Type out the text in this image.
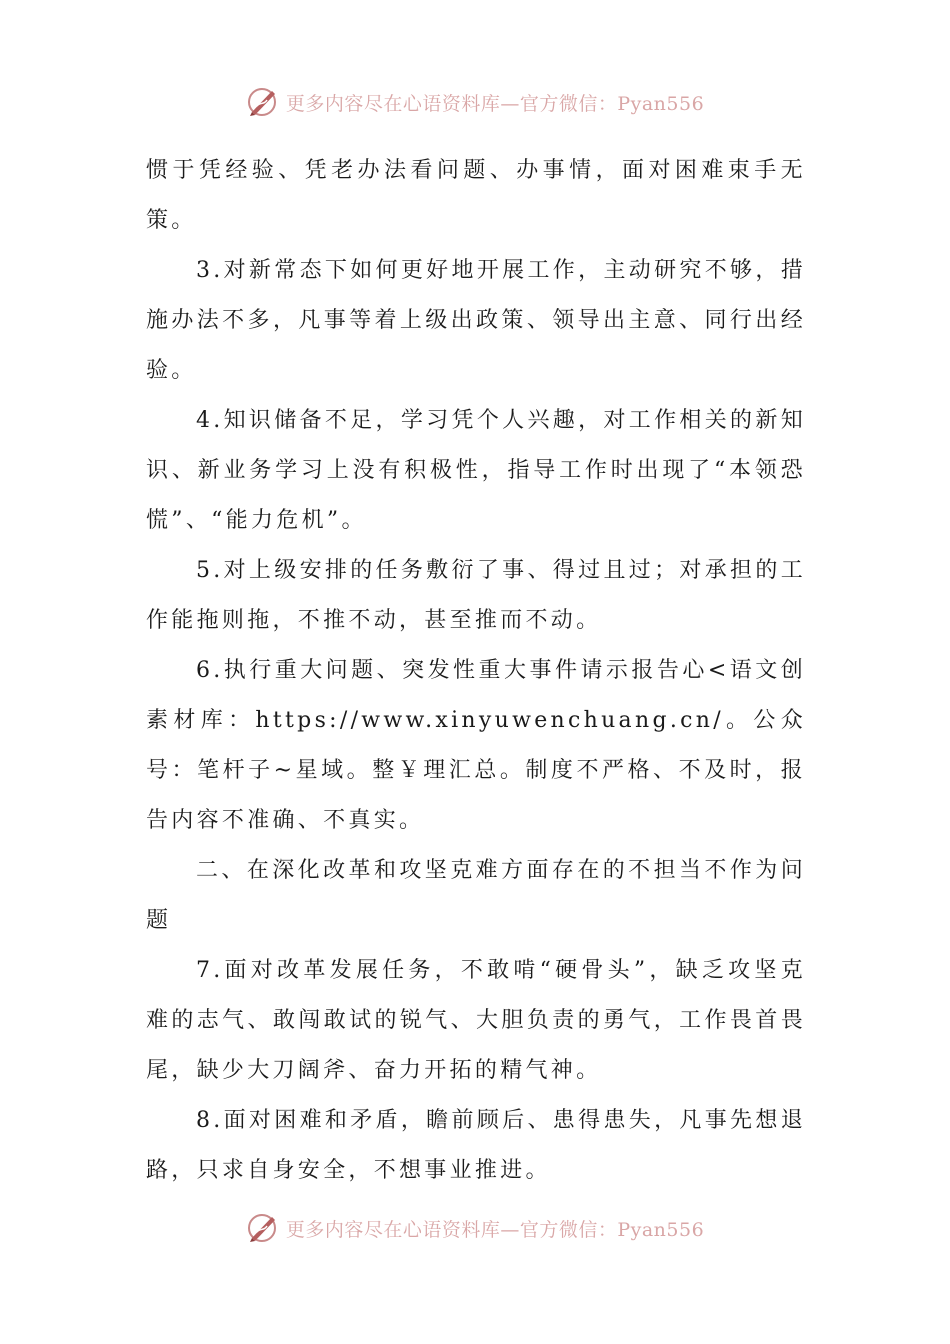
更多内容尽在心语资料库—官方微信：Pyan556

惯于凭经验、凭老办法看问题、办事情，面对困难束手无策。

3.对新常态下如何更好地开展工作，主动研究不够，措施办法不多，凡事等着上级出政策、领导出主意、同行出经验。

4.知识储备不足，学习凭个人兴趣，对工作相关的新知识、新业务学习上没有积极性，指导工作时出现了“本领恐慌”、“能力危机”。

5.对上级安排的任务敷衍了事、得过且过；对承担的工作能拖则拖，不推不动，甚至推而不动。

6.执行重大问题、突发性重大事件请示报告心<语文创素材库：https://www.xinyuwenchuang.cn/。公众号：笔杆子~星域。整￥理汇总。制度不严格、不及时，报告内容不准确、不真实。

二、在深化改革和攻坚克难方面存在的不担当不作为问题

7.面对改革发展任务，不敢啃“硬骨头”，缺乏攻坚克难的志气、敢闯敢试的锐气、大胆负责的勇气，工作畏首畏尾，缺少大刀阔斧、奋力开拓的精气神。

8.面对困难和矛盾，瞻前顾后、患得患失，凡事先想退路，只求自身安全，不想事业推进。

更多内容尽在心语资料库—官方微信：Pyan556
